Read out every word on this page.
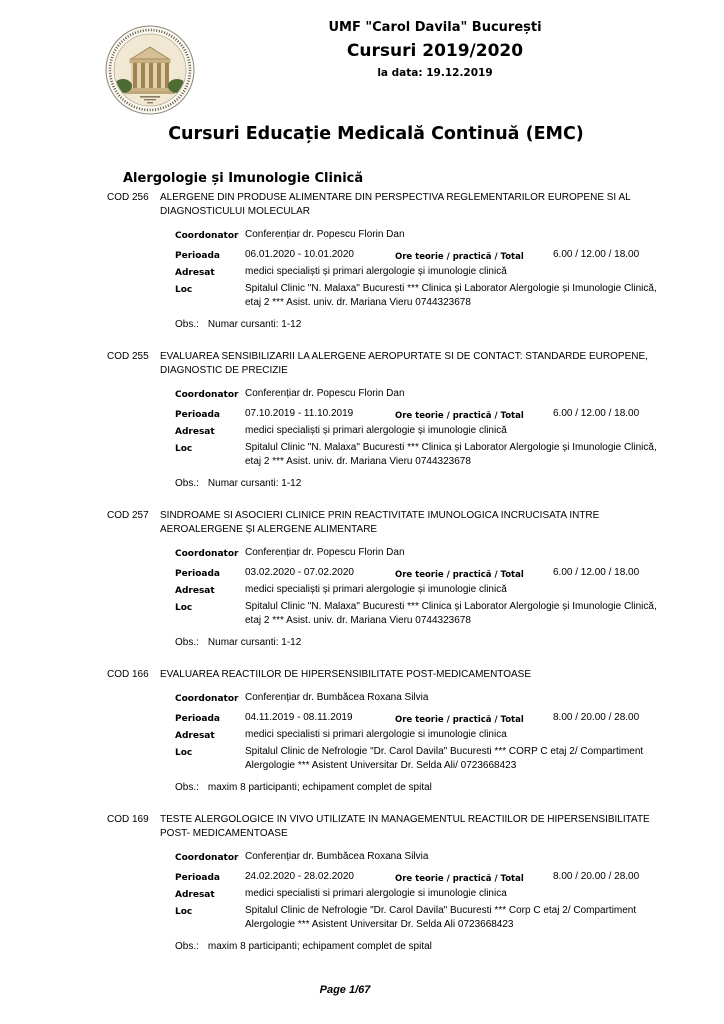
UMF "Carol Davila" București
Cursuri 2019/2020
la data: 19.12.2019
Cursuri Educație Medicală Continuă (EMC)
Alergologie și Imunologie Clinică
COD 256 ALERGENE DIN PRODUSE ALIMENTARE DIN PERSPECTIVA REGLEMENTARILOR EUROPENE SI AL DIAGNOSTICULUI MOLECULAR
Coordonator Conferențiar dr. Popescu Florin Dan
Perioada	06.01.2020 - 10.01.2020	Ore teorie / practică / Total	6.00 / 12.00 / 18.00
Adresat	medici specialiști și primari alergologie și imunologie clinică
Loc	Spitalul Clinic "N. Malaxa" Bucuresti *** Clinica și Laborator Alergologie și Imunologie Clinică, etaj 2 *** Asist. univ. dr. Mariana Vieru 0744323678
Obs.: Numar cursanti: 1-12
COD 255 EVALUAREA SENSIBILIZARII LA ALERGENE AEROPURTATE SI DE CONTACT: STANDARDE EUROPENE, DIAGNOSTIC DE PRECIZIE
Coordonator Conferențiar dr. Popescu Florin Dan
Perioada	07.10.2019 - 11.10.2019	Ore teorie / practică / Total	6.00 / 12.00 / 18.00
Adresat	medici specialiști și primari alergologie și imunologie clinică
Loc	Spitalul Clinic "N. Malaxa" Bucuresti *** Clinica și Laborator Alergologie și Imunologie Clinică, etaj 2 *** Asist. univ. dr. Mariana Vieru 0744323678
Obs.: Numar cursanti: 1-12
COD 257 SINDROAME SI ASOCIERI CLINICE PRIN REACTIVITATE IMUNOLOGICA INCRUCISATA INTRE AEROALERGENE ȘI ALERGENE ALIMENTARE
Coordonator Conferențiar dr. Popescu Florin Dan
Perioada	03.02.2020 - 07.02.2020	Ore teorie / practică / Total	6.00 / 12.00 / 18.00
Adresat	medici specialiști și primari alergologie și imunologie clinică
Loc	Spitalul Clinic "N. Malaxa" Bucuresti *** Clinica și Laborator Alergologie și Imunologie Clinică, etaj 2 *** Asist. univ. dr. Mariana Vieru 0744323678
Obs.: Numar cursanti: 1-12
COD 166 EVALUAREA REACTIILOR DE HIPERSENSIBILITATE POST-MEDICAMENTOASE
Coordonator Conferențiar dr. Bumbăcea Roxana Silvia
Perioada	04.11.2019 - 08.11.2019	Ore teorie / practică / Total	8.00 / 20.00 / 28.00
Adresat	medici specialisti si primari alergologie si imunologie clinica
Loc	Spitalul Clinic de Nefrologie "Dr. Carol Davila" Bucuresti *** CORP C etaj 2/ Compartiment Alergologie *** Asistent Universitar Dr. Selda Ali/ 0723668423
Obs.: maxim 8 participanti; echipament complet de spital
COD 169 TESTE ALERGOLOGICE IN VIVO UTILIZATE IN MANAGEMENTUL REACTIILOR DE HIPERSENSIBILITATE POST- MEDICAMENTOASE
Coordonator Conferențiar dr. Bumbăcea Roxana Silvia
Perioada	24.02.2020 - 28.02.2020	Ore teorie / practică / Total	8.00 / 20.00 / 28.00
Adresat	medici specialisti si primari alergologie si imunologie clinica
Loc	Spitalul Clinic de Nefrologie "Dr. Carol Davila" Bucuresti *** Corp C etaj 2/ Compartiment Alergologie *** Asistent Universitar Dr. Selda Ali 0723668423
Obs.: maxim 8 participanti; echipament complet de spital
Page 1/67
